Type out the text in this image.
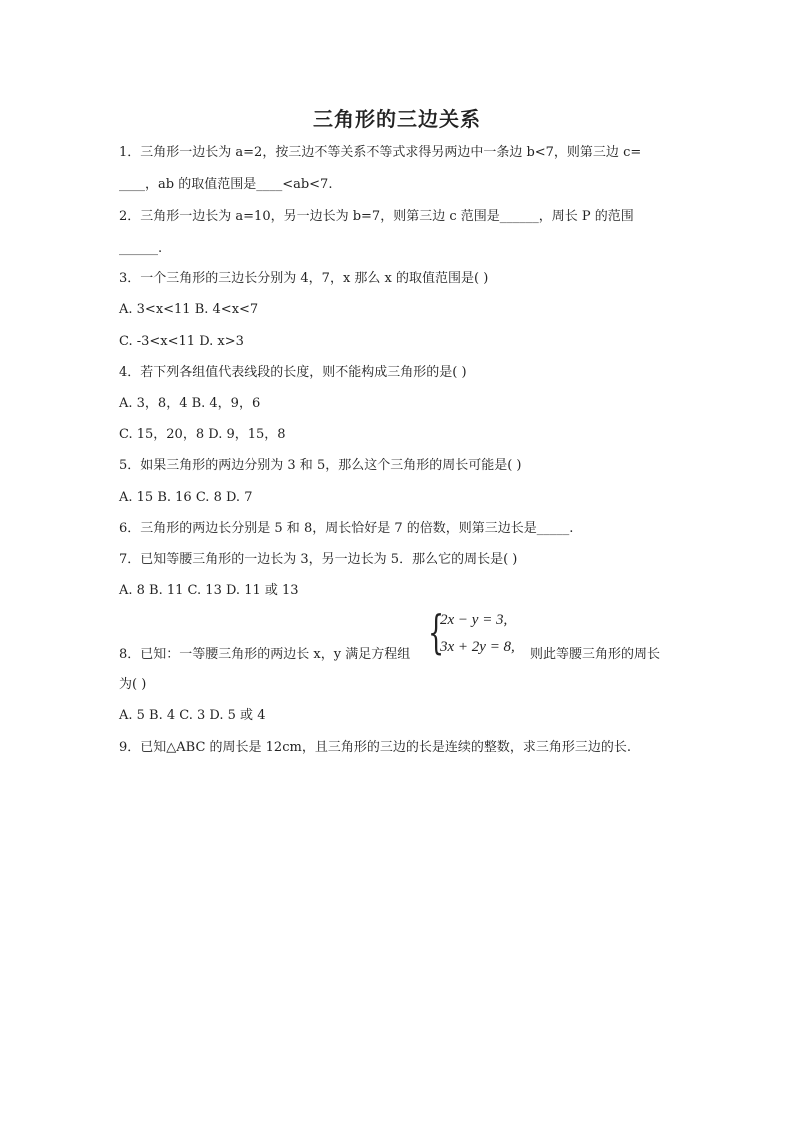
三角形的三边关系
1．三角形一边长为 a=2，按三边不等关系不等式求得另两边中一条边 b<7，则第三边 c=
____，ab 的取值范围是____<ab<7.
2．三角形一边长为 a=10，另一边长为 b=7，则第三边 c 范围是______，周长 P 的范围
______.
3．一个三角形的三边长分别为 4，7，x 那么 x 的取值范围是( )
A. 3<x<11 B. 4<x<7
C. -3<x<11 D. x>3
4．若下列各组值代表线段的长度，则不能构成三角形的是( )
A. 3，8，4 B. 4，9，6
C. 15，20，8 D. 9，15，8
5．如果三角形的两边分别为 3 和 5，那么这个三角形的周长可能是( )
A. 15 B. 16 C. 8 D. 7
6．三角形的两边长分别是 5 和 8，周长恰好是 7 的倍数，则第三边长是_____.
7．已知等腰三角形的一边长为 3，另一边长为 5．那么它的周长是( )
A. 8 B. 11 C. 13 D. 11 或 13
8．已知：一等腰三角形的两边长 x，y 满足方程组 {
2x − y = 3,
3x + 2y = 8, 则此等腰三角形的周长
为( )
A. 5 B. 4 C. 3 D. 5 或 4
9．已知△ABC 的周长是 12cm，且三角形的三边的长是连续的整数，求三角形三边的长.
